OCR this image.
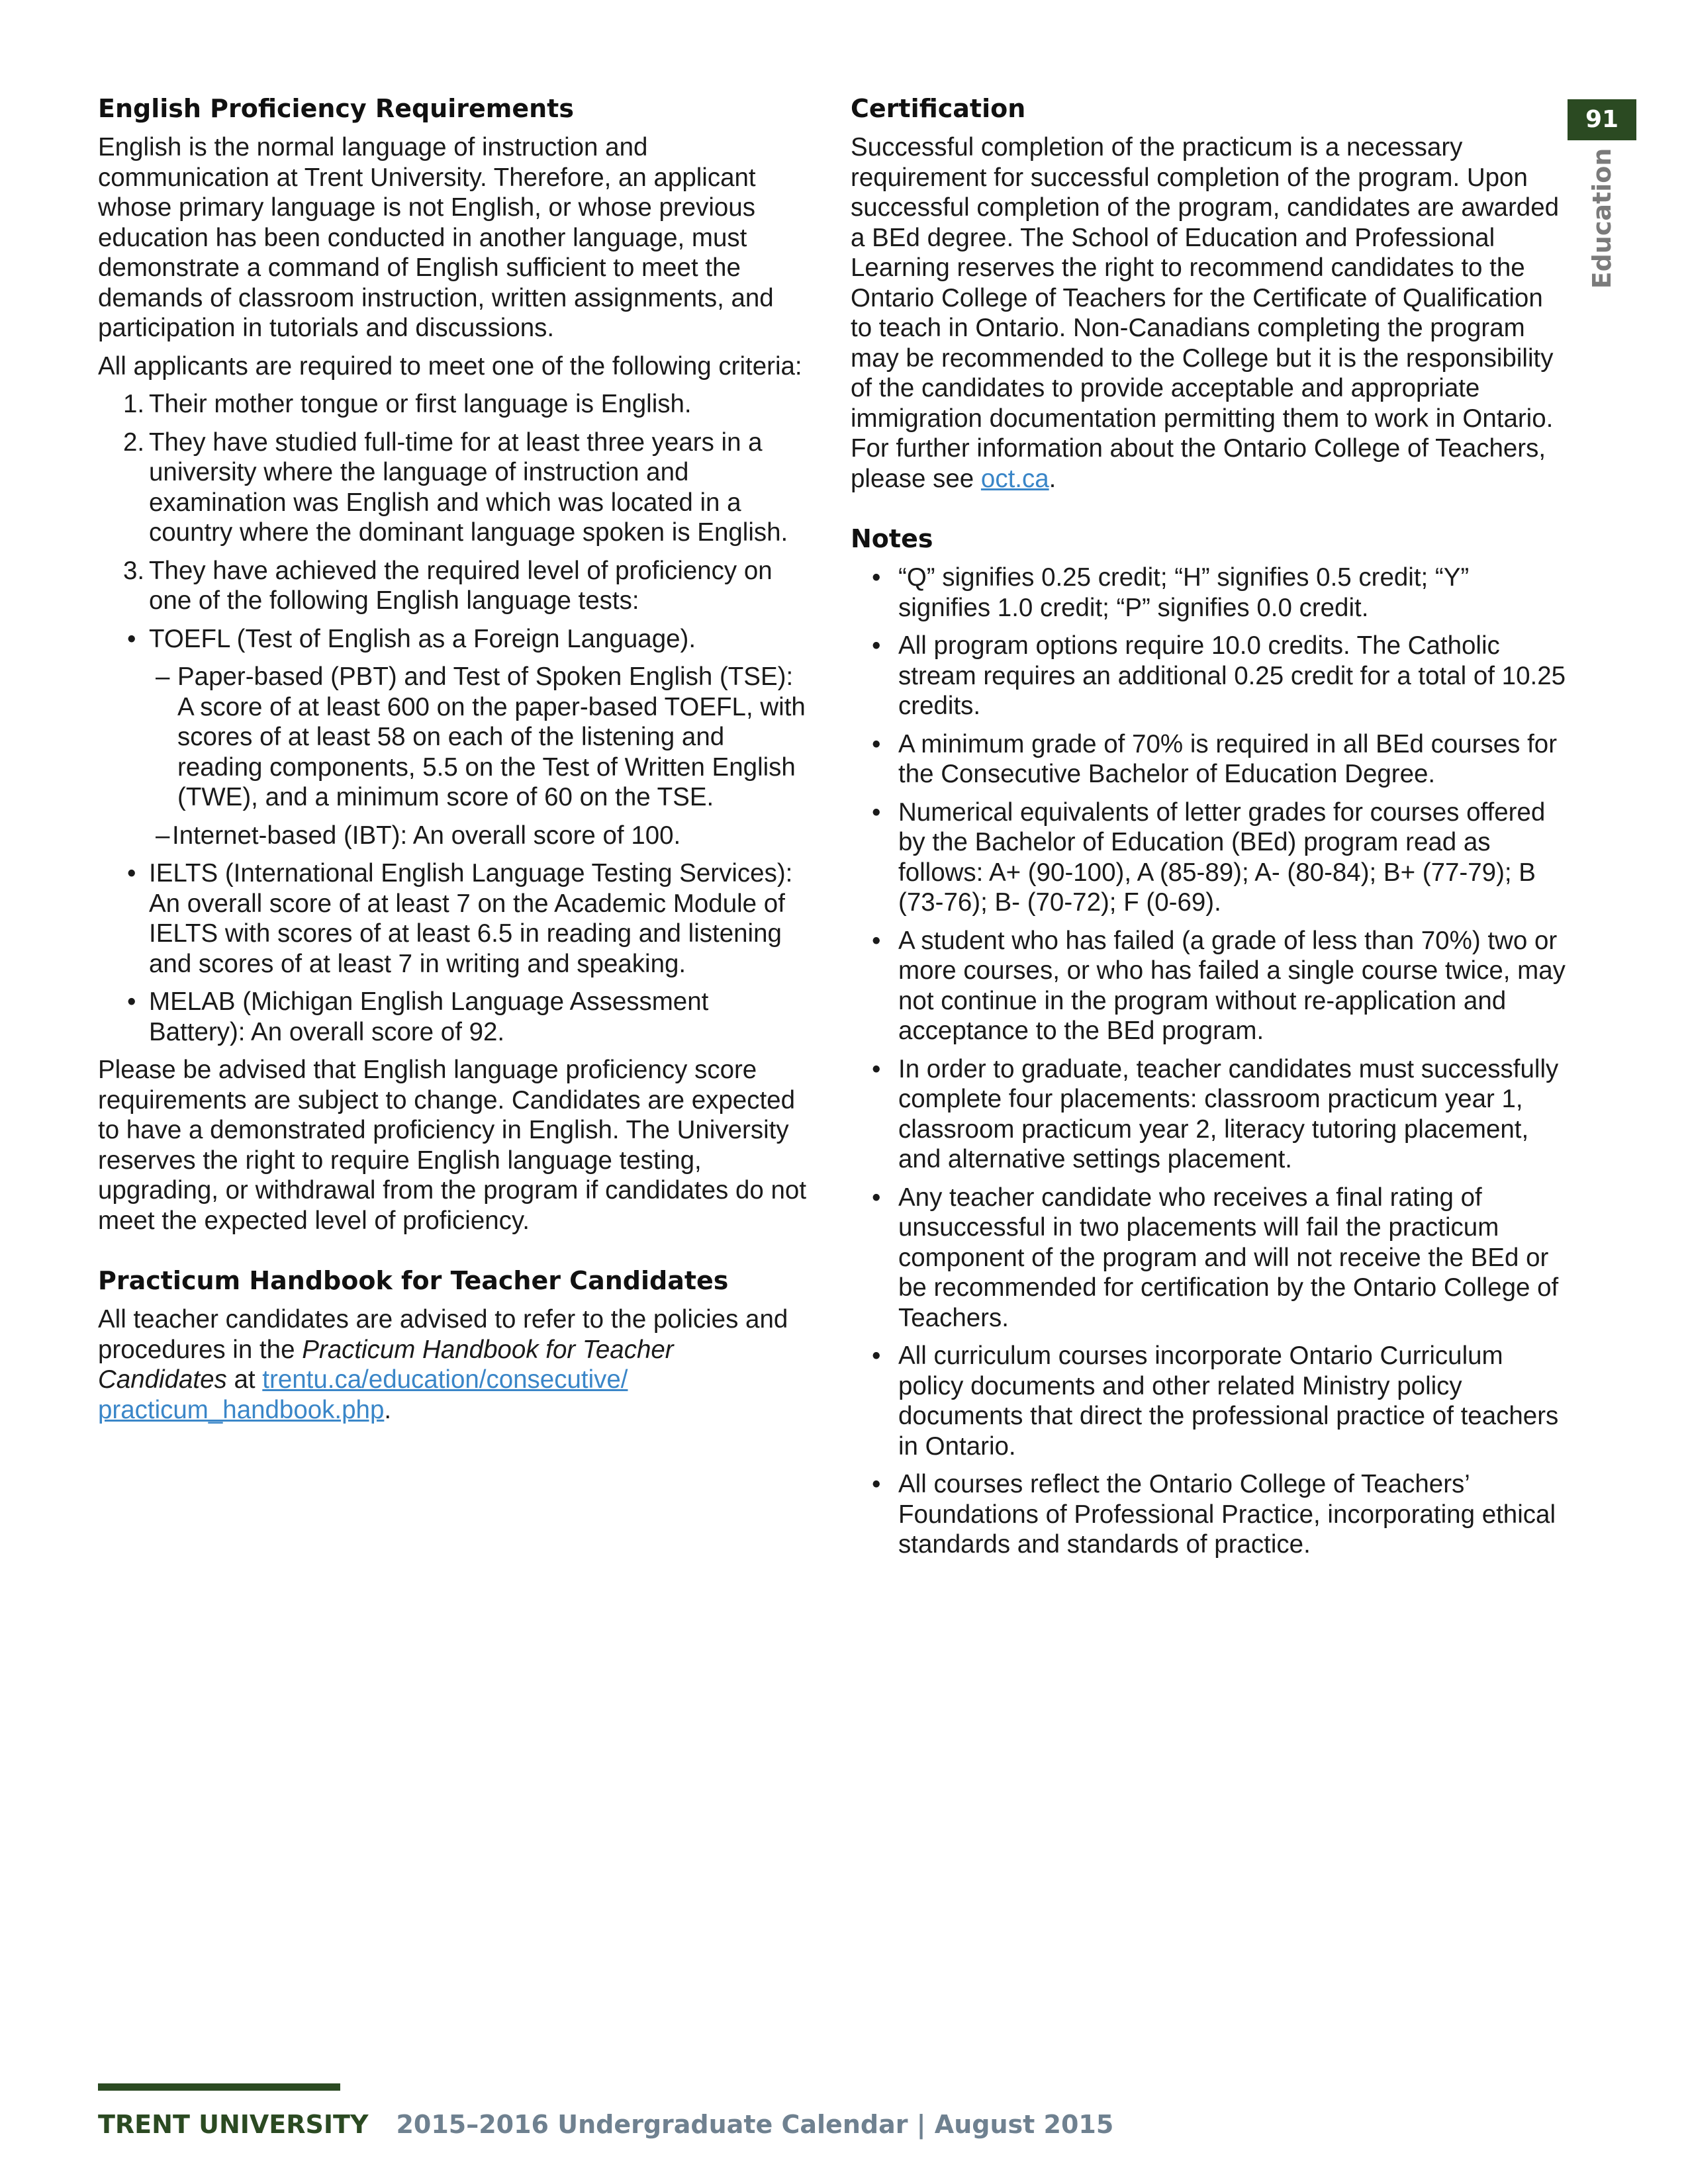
91
Education
English Proficiency Requirements

English is the normal language of instruction and communication at Trent University. Therefore, an applicant whose primary language is not English, or whose previous education has been conducted in another language, must demonstrate a command of English sufficient to meet the demands of classroom instruction, written assignments, and participation in tutorials and discussions.

All applicants are required to meet one of the following criteria:

1. Their mother tongue or first language is English.
2. They have studied full-time for at least three years in a university where the language of instruction and examination was English and which was located in a country where the dominant language spoken is English.
3. They have achieved the required level of proficiency on one of the following English language tests:
• TOEFL (Test of English as a Foreign Language).
– Paper-based (PBT) and Test of Spoken English (TSE): A score of at least 600 on the paper-based TOEFL, with scores of at least 58 on each of the listening and reading components, 5.5 on the Test of Written English (TWE), and a minimum score of 60 on the TSE.
– Internet-based (IBT): An overall score of 100.
• IELTS (International English Language Testing Services): An overall score of at least 7 on the Academic Module of IELTS with scores of at least 6.5 in reading and listening and scores of at least 7 in writing and speaking.
• MELAB (Michigan English Language Assessment Battery): An overall score of 92.

Please be advised that English language proficiency score requirements are subject to change. Candidates are expected to have a demonstrated proficiency in English. The University reserves the right to require English language testing, upgrading, or withdrawal from the program if candidates do not meet the expected level of proficiency.

Practicum Handbook for Teacher Candidates

All teacher candidates are advised to refer to the policies and procedures in the Practicum Handbook for Teacher Candidates at trentu.ca/education/consecutive/ practicum_handbook.php.

Certification

Successful completion of the practicum is a necessary requirement for successful completion of the program. Upon successful completion of the program, candidates are awarded a BEd degree. The School of Education and Professional Learning reserves the right to recommend candidates to the Ontario College of Teachers for the Certificate of Qualification to teach in Ontario. Non-Canadians completing the program may be recommended to the College but it is the responsibility of the candidates to provide acceptable and appropriate immigration documentation permitting them to work in Ontario. For further information about the Ontario College of Teachers, please see oct.ca.

Notes
• “Q” signifies 0.25 credit; “H” signifies 0.5 credit; “Y” signifies 1.0 credit; “P” signifies 0.0 credit.
• All program options require 10.0 credits. The Catholic stream requires an additional 0.25 credit for a total of 10.25 credits.
• A minimum grade of 70% is required in all BEd courses for the Consecutive Bachelor of Education Degree.
• Numerical equivalents of letter grades for courses offered by the Bachelor of Education (BEd) program read as follows: A+ (90-100), A (85-89); A- (80-84); B+ (77-79); B (73-76); B- (70-72); F (0-69).
• A student who has failed (a grade of less than 70%) two or more courses, or who has failed a single course twice, may not continue in the program without re-application and acceptance to the BEd program.
• In order to graduate, teacher candidates must successfully complete four placements: classroom practicum year 1, classroom practicum year 2, literacy tutoring placement, and alternative settings placement.
• Any teacher candidate who receives a final rating of unsuccessful in two placements will fail the practicum component of the program and will not receive the BEd or be recommended for certification by the Ontario College of Teachers.
• All curriculum courses incorporate Ontario Curriculum policy documents and other related Ministry policy documents that direct the professional practice of teachers in Ontario.
• All courses reflect the Ontario College of Teachers’ Foundations of Professional Practice, incorporating ethical standards and standards of practice.
TRENT UNIVERSITY 2015–2016 Undergraduate Calendar | August 2015
